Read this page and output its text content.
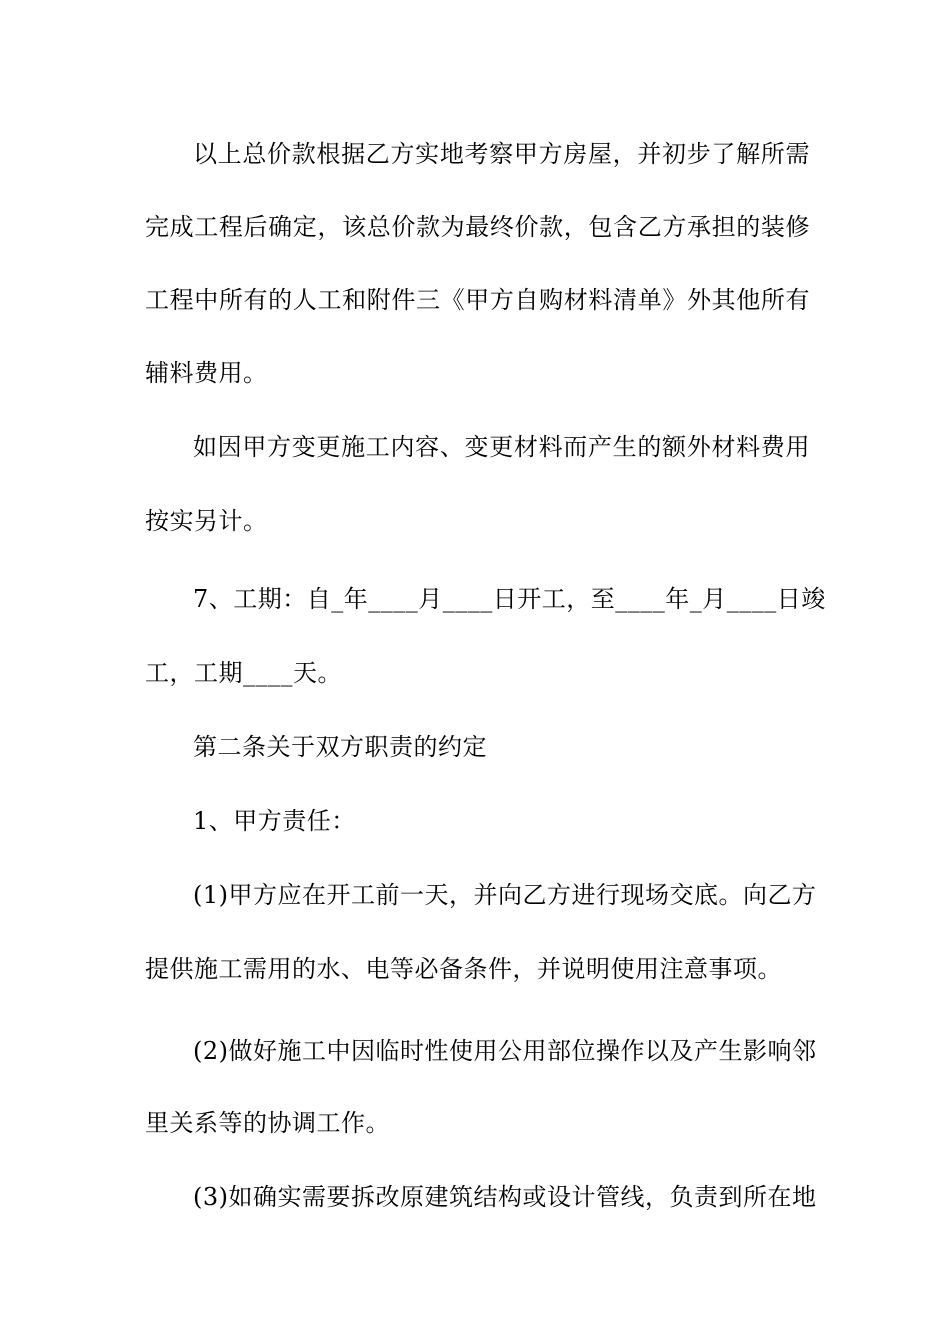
以上总价款根据乙方实地考察甲方房屋，并初步了解所需
完成工程后确定，该总价款为最终价款，包含乙方承担的装修
工程中所有的人工和附件三《甲方自购材料清单》外其他所有
辅料费用。
如因甲方变更施工内容、变更材料而产生的额外材料费用
按实另计。
7、工期：自_年____月____日开工，至____年_月____日竣
工，工期____天。
第二条关于双方职责的约定
1、甲方责任：
(1)甲方应在开工前一天，并向乙方进行现场交底。向乙方
提供施工需用的水、电等必备条件，并说明使用注意事项。
(2)做好施工中因临时性使用公用部位操作以及产生影响邻
里关系等的协调工作。
(3)如确实需要拆改原建筑结构或设计管线，负责到所在地
